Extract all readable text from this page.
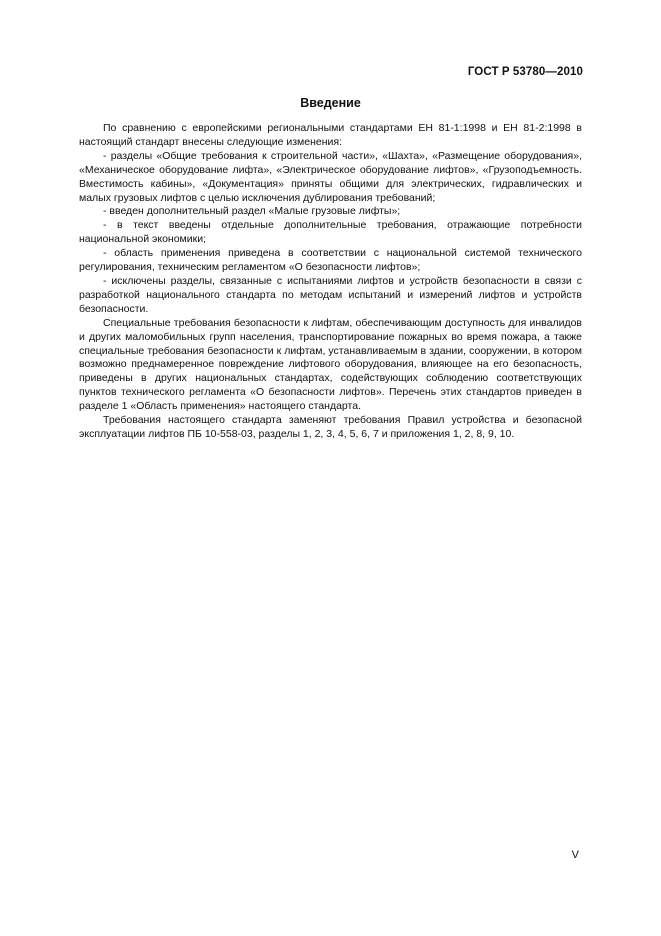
ГОСТ Р 53780—2010
Введение

По сравнению с европейскими региональными стандартами ЕН 81-1:1998 и ЕН 81-2:1998 в настоящий стандарт внесены следующие изменения:

- разделы «Общие требования к строительной части», «Шахта», «Размещение оборудования», «Механическое оборудование лифта», «Электрическое оборудование лифтов», «Грузоподъемность. Вместимость кабины», «Документация» приняты общими для электрических, гидравлических и малых грузовых лифтов с целью исключения дублирования требований;

- введен дополнительный раздел «Малые грузовые лифты»;

- в текст введены отдельные дополнительные требования, отражающие потребности национальной экономики;

- область применения приведена в соответствии с национальной системой технического регулирования, техническим регламентом «О безопасности лифтов»;

- исключены разделы, связанные с испытаниями лифтов и устройств безопасности в связи с разработкой национального стандарта по методам испытаний и измерений лифтов и устройств безопасности.

Специальные требования безопасности к лифтам, обеспечивающим доступность для инвалидов и других маломобильных групп населения, транспортирование пожарных во время пожара, а также специальные требования безопасности к лифтам, устанавливаемым в здании, сооружении, в котором возможно преднамеренное повреждение лифтового оборудования, влияющее на его безопасность, приведены в других национальных стандартах, содействующих соблюдению соответствующих пунктов технического регламента «О безопасности лифтов». Перечень этих стандартов приведен в разделе 1 «Область применения» настоящего стандарта.

Требования настоящего стандарта заменяют требования Правил устройства и безопасной эксплуатации лифтов ПБ 10-558-03, разделы 1, 2, 3, 4, 5, 6, 7 и приложения 1, 2, 8, 9, 10.

V
